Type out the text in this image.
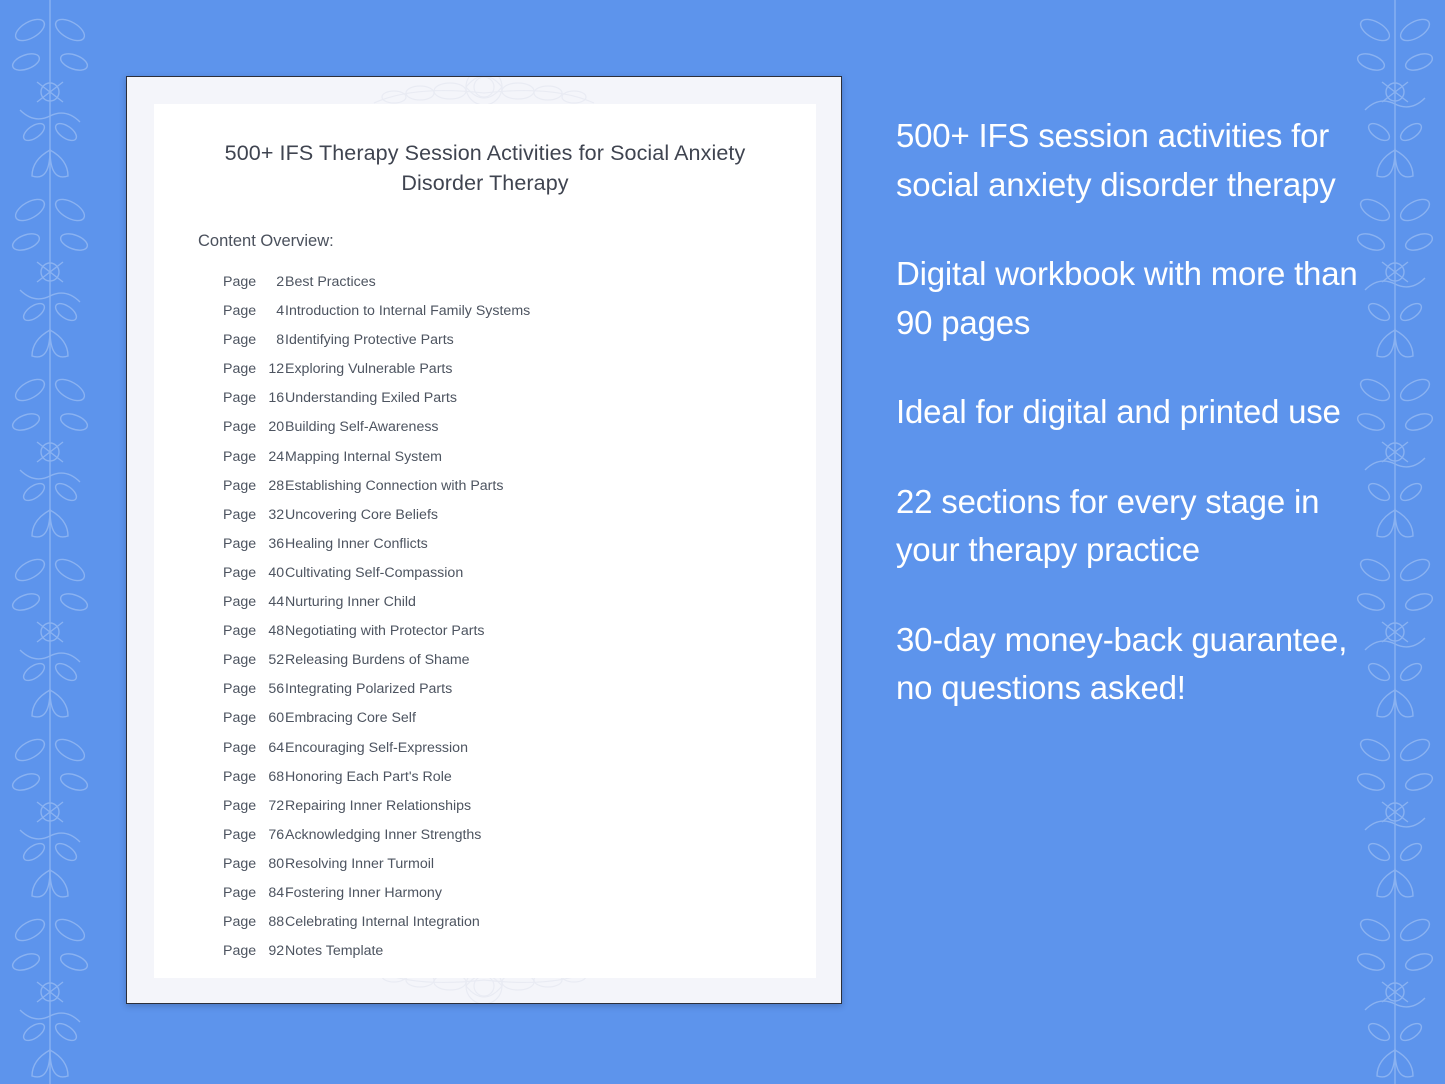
500+ IFS Therapy Session Activities for Social Anxiety Disorder Therapy
Content Overview:
Page 2 Best Practices
Page 4 Introduction to Internal Family Systems
Page 8 Identifying Protective Parts
Page 12 Exploring Vulnerable Parts
Page 16 Understanding Exiled Parts
Page 20 Building Self-Awareness
Page 24 Mapping Internal System
Page 28 Establishing Connection with Parts
Page 32 Uncovering Core Beliefs
Page 36 Healing Inner Conflicts
Page 40 Cultivating Self-Compassion
Page 44 Nurturing Inner Child
Page 48 Negotiating with Protector Parts
Page 52 Releasing Burdens of Shame
Page 56 Integrating Polarized Parts
Page 60 Embracing Core Self
Page 64 Encouraging Self-Expression
Page 68 Honoring Each Part's Role
Page 72 Repairing Inner Relationships
Page 76 Acknowledging Inner Strengths
Page 80 Resolving Inner Turmoil
Page 84 Fostering Inner Harmony
Page 88 Celebrating Internal Integration
Page 92 Notes Template
500+ IFS session activities for social anxiety disorder therapy
Digital workbook with more than 90 pages
Ideal for digital and printed use
22 sections for every stage in your therapy practice
30-day money-back guarantee, no questions asked!
